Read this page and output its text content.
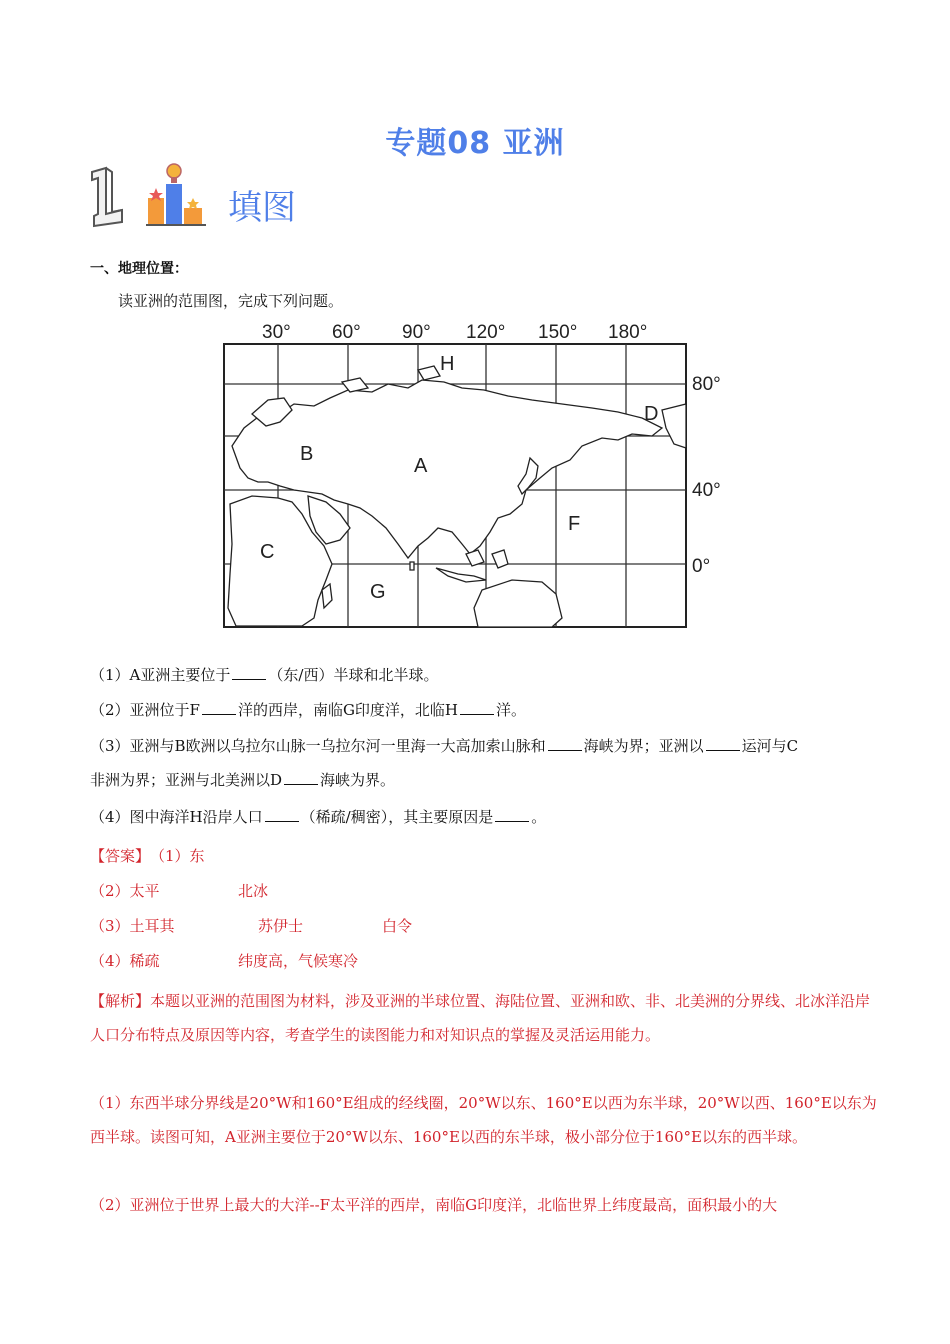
专题08 亚洲
填图
一、地理位置：
读亚洲的范围图，完成下列问题。
30° 60° 90° 120° 150° 180°
80°
40°
0°
A
B
C
D
F
G
H
（1）A亚洲主要位于	（东/西）半球和北半球。
（2）亚洲位于F	洋的西岸，南临G印度洋，北临H	洋。
（3）亚洲与B欧洲以乌拉尔山脉一乌拉尔河一里海一大高加索山脉和	海峡为界；亚洲以	运河与C
非洲为界；亚洲与北美洲以D	海峡为界。
（4）图中海洋H沿岸人口	（稀疏/稠密），其主要原因是	。
【答案】（1）东
（2）太平	北冰
（3）土耳其	苏伊士	白令
（4）稀疏	纬度高，气候寒冷
【解析】本题以亚洲的范围图为材料，涉及亚洲的半球位置、海陆位置、亚洲和欧、非、北美洲的分界线、北冰洋沿岸人口分布特点及原因等内容，考查学生的读图能力和对知识点的掌握及灵活运用能力。
（1）东西半球分界线是20°W和160°E组成的经线圈，20°W以东、160°E以西为东半球，20°W以西、160°E以东为西半球。读图可知，A亚洲主要位于20°W以东、160°E以西的东半球，极小部分位于160°E以东的西半球。
（2）亚洲位于世界上最大的大洋--F太平洋的西岸，南临G印度洋，北临世界上纬度最高，面积最小的大
